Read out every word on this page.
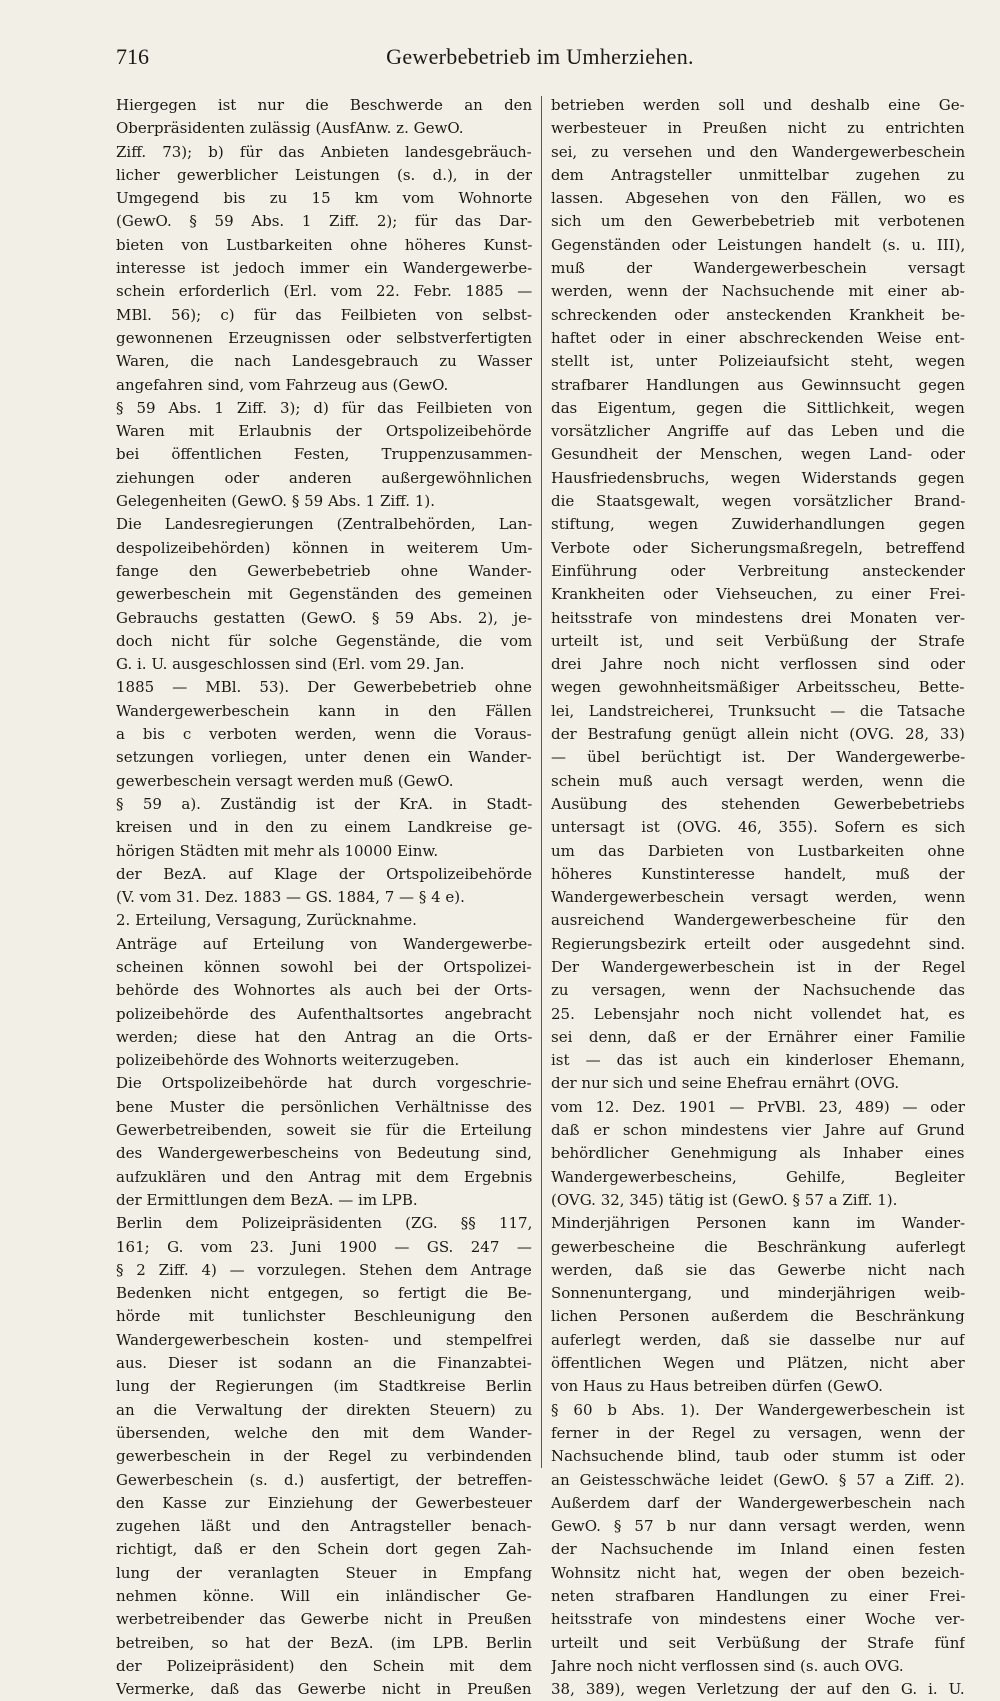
716	Gewerbebetrieb im Umherziehen.
Hiergegen ist nur die Beschwerde an den
Oberpräsidenten zulässig (AusfAnw. z. GewO.
Ziff. 73); b) für das Anbieten landesgebräuch-
licher gewerblicher Leistungen (s. d.), in der
Umgegend bis zu 15 km vom Wohnorte
(GewO. § 59 Abs. 1 Ziff. 2); für das Dar-
bieten von Lustbarkeiten ohne höheres Kunst-
interesse ist jedoch immer ein Wandergewerbe-
schein erforderlich (Erl. vom 22. Febr. 1885 —
MBl. 56); c) für das Feilbieten von selbst-
gewonnenen Erzeugnissen oder selbstverfertigten
Waren, die nach Landesgebrauch zu Wasser
angefahren sind, vom Fahrzeug aus (GewO.
§ 59 Abs. 1 Ziff. 3); d) für das Feilbieten von
Waren mit Erlaubnis der Ortspolizeibehörde
bei öffentlichen Festen, Truppenzusammen-
ziehungen oder anderen außergewöhnlichen
Gelegenheiten (GewO. § 59 Abs. 1 Ziff. 1).
Die Landesregierungen (Zentralbehörden, Lan-
despolizeibehörden) können in weiterem Um-
fange den Gewerbebetrieb ohne Wander-
gewerbeschein mit Gegenständen des gemeinen
Gebrauchs gestatten (GewO. § 59 Abs. 2), je-
doch nicht für solche Gegenstände, die vom
G. i. U. ausgeschlossen sind (Erl. vom 29. Jan.
1885 — MBl. 53). Der Gewerbebetrieb ohne
Wandergewerbeschein kann in den Fällen
a bis c verboten werden, wenn die Voraus-
setzungen vorliegen, unter denen ein Wander-
gewerbeschein versagt werden muß (GewO.
§ 59 a). Zuständig ist der KrA. in Stadt-
kreisen und in den zu einem Landkreise ge-
hörigen Städten mit mehr als 10000 Einw.
der BezA. auf Klage der Ortspolizeibehörde
(V. vom 31. Dez. 1883 — GS. 1884, 7 — § 4 e).
2. Erteilung, Versagung, Zurücknahme.
Anträge auf Erteilung von Wandergewerbe-
scheinen können sowohl bei der Ortspolizei-
behörde des Wohnortes als auch bei der Orts-
polizeibehörde des Aufenthaltsortes angebracht
werden; diese hat den Antrag an die Orts-
polizeibehörde des Wohnorts weiterzugeben.
Die Ortspolizeibehörde hat durch vorgeschrie-
bene Muster die persönlichen Verhältnisse des
Gewerbetreibenden, soweit sie für die Erteilung
des Wandergewerbescheins von Bedeutung sind,
aufzuklären und den Antrag mit dem Ergebnis
der Ermittlungen dem BezA. — im LPB.
Berlin dem Polizeipräsidenten (ZG. §§ 117,
161; G. vom 23. Juni 1900 — GS. 247 —
§ 2 Ziff. 4) — vorzulegen. Stehen dem Antrage
Bedenken nicht entgegen, so fertigt die Be-
hörde mit tunlichster Beschleunigung den
Wandergewerbeschein kosten- und stempelfrei
aus. Dieser ist sodann an die Finanzabtei-
lung der Regierungen (im Stadtkreise Berlin
an die Verwaltung der direkten Steuern) zu
übersenden, welche den mit dem Wander-
gewerbeschein in der Regel zu verbindenden
Gewerbeschein (s. d.) ausfertigt, der betreffen-
den Kasse zur Einziehung der Gewerbesteuer
zugehen läßt und den Antragsteller benach-
richtigt, daß er den Schein dort gegen Zah-
lung der veranlagten Steuer in Empfang
nehmen könne. Will ein inländischer Ge-
werbetreibender das Gewerbe nicht in Preußen
betreiben, so hat der BezA. (im LPB. Berlin
der Polizeipräsident) den Schein mit dem
Vermerke, daß das Gewerbe nicht in Preußen
betrieben werden soll und deshalb eine Ge-
werbesteuer in Preußen nicht zu entrichten
sei, zu versehen und den Wandergewerbeschein
dem Antragsteller unmittelbar zugehen zu
lassen. Abgesehen von den Fällen, wo es
sich um den Gewerbebetrieb mit verbotenen
Gegenständen oder Leistungen handelt (s. u. III),
muß der Wandergewerbeschein versagt
werden, wenn der Nachsuchende mit einer ab-
schreckenden oder ansteckenden Krankheit be-
haftet oder in einer abschreckenden Weise ent-
stellt ist, unter Polizeiaufsicht steht, wegen
strafbarer Handlungen aus Gewinnsucht gegen
das Eigentum, gegen die Sittlichkeit, wegen
vorsätzlicher Angriffe auf das Leben und die
Gesundheit der Menschen, wegen Land- oder
Hausfriedensbruchs, wegen Widerstands gegen
die Staatsgewalt, wegen vorsätzlicher Brand-
stiftung, wegen Zuwiderhandlungen gegen
Verbote oder Sicherungsmaßregeln, betreffend
Einführung oder Verbreitung ansteckender
Krankheiten oder Viehseuchen, zu einer Frei-
heitsstrafe von mindestens drei Monaten ver-
urteilt ist, und seit Verbüßung der Strafe
drei Jahre noch nicht verflossen sind oder
wegen gewohnheitsmäßiger Arbeitsscheu, Bette-
lei, Landstreicherei, Trunksucht — die Tatsache
der Bestrafung genügt allein nicht (OVG. 28, 33)
— übel berüchtigt ist. Der Wandergewerbe-
schein muß auch versagt werden, wenn die
Ausübung des stehenden Gewerbebetriebs
untersagt ist (OVG. 46, 355). Sofern es sich
um das Darbieten von Lustbarkeiten ohne
höheres Kunstinteresse handelt, muß der
Wandergewerbeschein versagt werden, wenn
ausreichend Wandergewerbescheine für den
Regierungsbezirk erteilt oder ausgedehnt sind.
Der Wandergewerbeschein ist in der Regel
zu versagen, wenn der Nachsuchende das
25. Lebensjahr noch nicht vollendet hat, es
sei denn, daß er der Ernährer einer Familie
ist — das ist auch ein kinderloser Ehemann,
der nur sich und seine Ehefrau ernährt (OVG.
vom 12. Dez. 1901 — PrVBl. 23, 489) — oder
daß er schon mindestens vier Jahre auf Grund
behördlicher Genehmigung als Inhaber eines
Wandergewerbescheins, Gehilfe, Begleiter
(OVG. 32, 345) tätig ist (GewO. § 57 a Ziff. 1).
Minderjährigen Personen kann im Wander-
gewerbescheine die Beschränkung auferlegt
werden, daß sie das Gewerbe nicht nach
Sonnenuntergang, und minderjährigen weib-
lichen Personen außerdem die Beschränkung
auferlegt werden, daß sie dasselbe nur auf
öffentlichen Wegen und Plätzen, nicht aber
von Haus zu Haus betreiben dürfen (GewO.
§ 60 b Abs. 1). Der Wandergewerbeschein ist
ferner in der Regel zu versagen, wenn der
Nachsuchende blind, taub oder stumm ist oder
an Geistesschwäche leidet (GewO. § 57 a Ziff. 2).
Außerdem darf der Wandergewerbeschein nach
GewO. § 57 b nur dann versagt werden, wenn
der Nachsuchende im Inland einen festen
Wohnsitz nicht hat, wegen der oben bezeich-
neten strafbaren Handlungen zu einer Frei-
heitsstrafe von mindestens einer Woche ver-
urteilt und seit Verbüßung der Strafe fünf
Jahre noch nicht verflossen sind (s. auch OVG.
38, 389), wegen Verletzung der auf den G. i. U.
